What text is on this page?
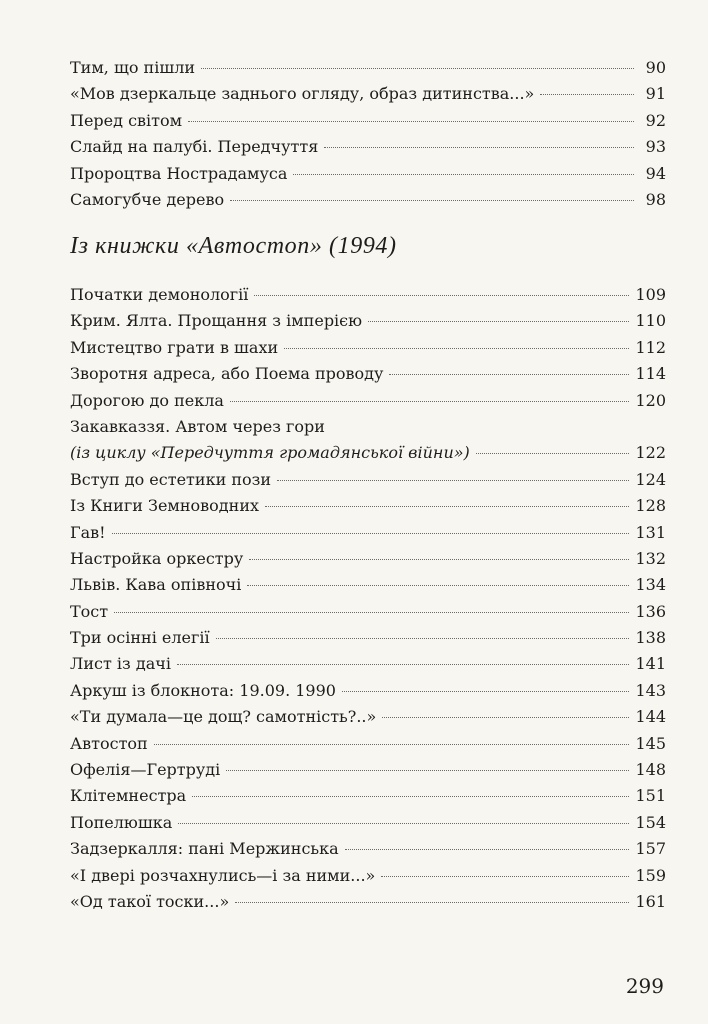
Тим, що пішли	90
«Мов дзеркальце заднього огляду, образ дитинства...»	91
Перед світом	92
Слайд на палубі. Передчуття	93
Пророцтва Нострадамуса	94
Самогубче дерево	98
Із книжки «Автостоп» (1994)
Початки демонології	109
Крим. Ялта. Прощання з імперією	110
Мистецтво грати в шахи	112
Зворотня адреса, або Поема проводу	114
Дорогою до пекла	120
Закавказзя. Автом через гори
(із циклу «Передчуття громадянської війни»)	122
Вступ до естетики пози	124
Із Книги Земноводних	128
Гав!	131
Настройка оркестру	132
Львів. Кава опівночі	134
Тост	136
Три осінні елегії	138
Лист із дачі	141
Аркуш із блокнота: 19.09. 1990	143
«Ти думала—це дощ? самотність?..»	144
Автостоп	145
Офелія—Гертруді	148
Клітемнестра	151
Попелюшка	154
Задзеркалля: пані Мержинська	157
«І двері розчахнулись—і за ними...»	159
«Од такої тоски...»	161
299
